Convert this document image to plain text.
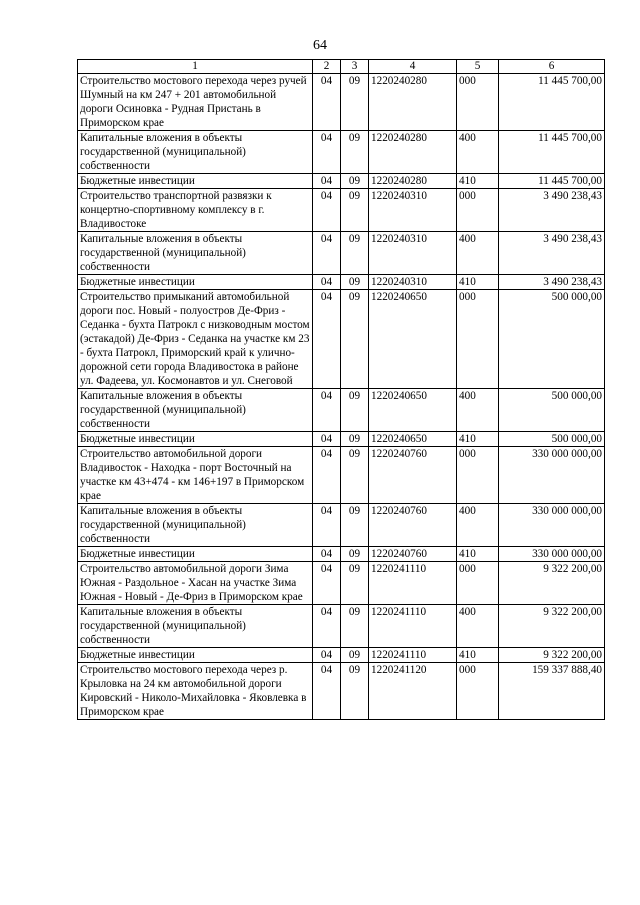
64
1	2	3	4	5	6
Строительство мостового перехода через ручей Шумный на км 247 + 201 автомобильной дороги Осиновка - Рудная Пристань в Приморском крае	04	09	1220240280	000	11 445 700,00
Капитальные вложения в объекты государственной (муниципальной) собственности	04	09	1220240280	400	11 445 700,00
Бюджетные инвестиции	04	09	1220240280	410	11 445 700,00
Строительство транспортной развязки к концертно-спортивному комплексу в г. Владивостоке	04	09	1220240310	000	3 490 238,43
Капитальные вложения в объекты государственной (муниципальной) собственности	04	09	1220240310	400	3 490 238,43
Бюджетные инвестиции	04	09	1220240310	410	3 490 238,43
Строительство примыканий автомобильной дороги пос. Новый - полуостров Де-Фриз - Седанка - бухта Патрокл с низководным мостом (эстакадой) Де-Фриз - Седанка на участке км 23 - бухта Патрокл, Приморский край к улично-дорожной сети города Владивостока в районе ул. Фадеева, ул. Космонавтов и ул. Снеговой	04	09	1220240650	000	500 000,00
Капитальные вложения в объекты государственной (муниципальной) собственности	04	09	1220240650	400	500 000,00
Бюджетные инвестиции	04	09	1220240650	410	500 000,00
Строительство автомобильной дороги Владивосток - Находка - порт Восточный на участке км 43+474 - км 146+197 в Приморском крае	04	09	1220240760	000	330 000 000,00
Капитальные вложения в объекты государственной (муниципальной) собственности	04	09	1220240760	400	330 000 000,00
Бюджетные инвестиции	04	09	1220240760	410	330 000 000,00
Строительство автомобильной дороги Зима Южная - Раздольное - Хасан на участке Зима Южная - Новый - Де-Фриз в Приморском крае	04	09	1220241110	000	9 322 200,00
Капитальные вложения в объекты государственной (муниципальной) собственности	04	09	1220241110	400	9 322 200,00
Бюджетные инвестиции	04	09	1220241110	410	9 322 200,00
Строительство мостового перехода через р. Крыловка на 24 км автомобильной дороги Кировский - Николо-Михайловка - Яковлевка в Приморском крае	04	09	1220241120	000	159 337 888,40
